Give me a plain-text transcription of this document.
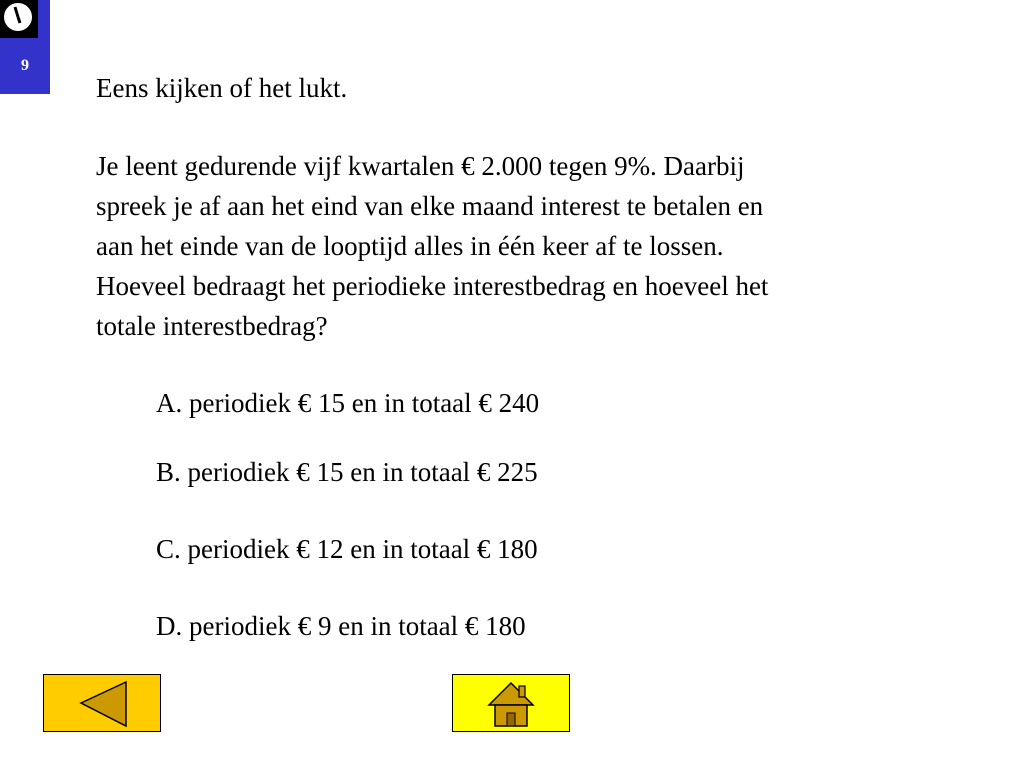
9
Eens kijken of het lukt.
Je leent gedurende vijf kwartalen € 2.000 tegen 9%. Daarbij
spreek je af aan het eind van elke maand interest te betalen en
aan het einde van de looptijd alles in één keer af te lossen.
Hoeveel bedraagt het periodieke interestbedrag en hoeveel het
totale interestbedrag?
A. periodiek € 15 en in totaal € 240
B. periodiek € 15 en in totaal € 225
C. periodiek € 12 en in totaal € 180
D. periodiek € 9 en in totaal € 180
